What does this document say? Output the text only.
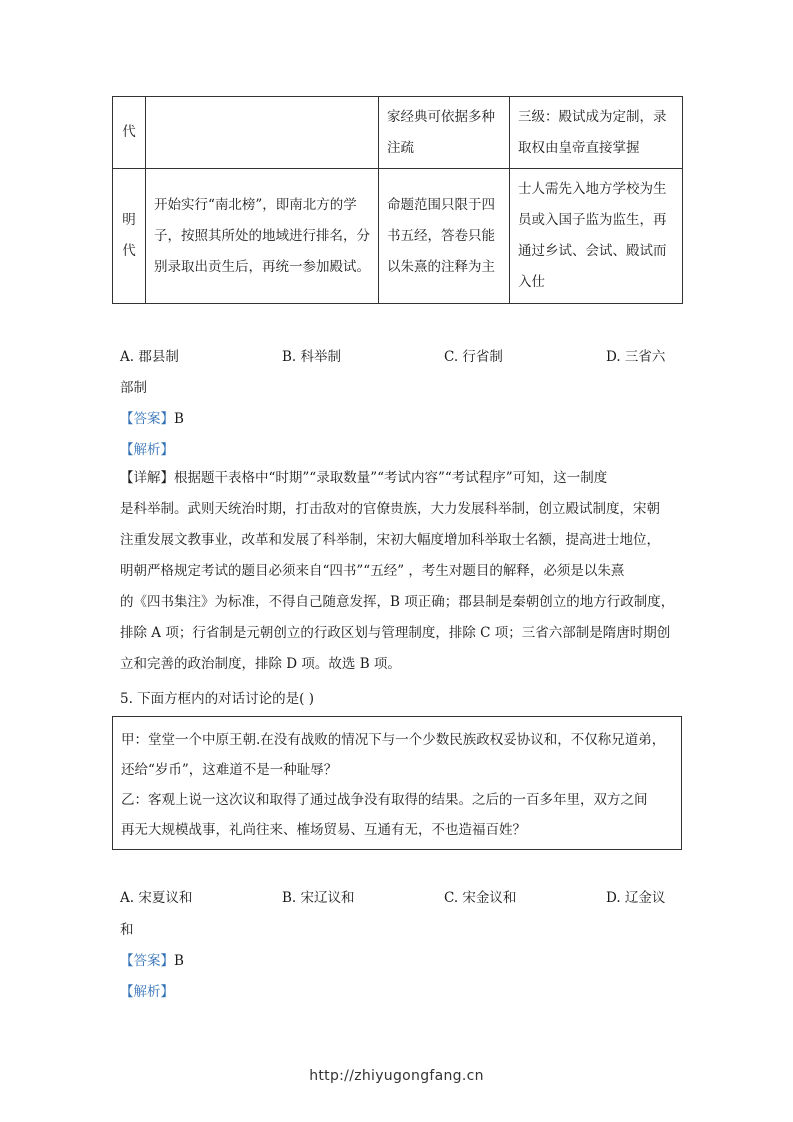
代		家经典可依据多种注疏	三级：殿试成为定制，录取权由皇帝直接掌握
明代	开始实行“南北榜”，即南北方的学子，按照其所处的地域进行排名，分别录取出贡生后，再统一参加殿试。	命题范围只限于四书五经，答卷只能以朱熹的注释为主	士人需先入地方学校为生员或入国子监为监生，再通过乡试、会试、殿试而入仕
A. 郡县制	B. 科举制	C. 行省制	D. 三省六
部制
【答案】B
【解析】
【详解】根据题干表格中“时期”“录取数量”“考试内容”“考试程序”可知，这一制度
是科举制。武则天统治时期，打击敌对的官僚贵族，大力发展科举制，创立殿试制度，宋朝
注重发展文教事业，改革和发展了科举制，宋初大幅度增加科举取士名额，提高进士地位，
明朝严格规定考试的题目必须来自“四书”“五经” ，考生对题目的解释，必须是以朱熹
的《四书集注》为标准，不得自己随意发挥，B 项正确；郡县制是秦朝创立的地方行政制度，
排除 A 项；行省制是元朝创立的行政区划与管理制度，排除 C 项；三省六部制是隋唐时期创
立和完善的政治制度，排除 D 项。故选 B 项。
5. 下面方框内的对话讨论的是( )
甲：堂堂一个中原王朝.在没有战败的情况下与一个少数民族政权妥协议和，不仅称兄道弟，
还给“岁币”，这难道不是一种耻辱？
乙：客观上说一这次议和取得了通过战争没有取得的结果。之后的一百多年里，双方之间
再无大规模战事，礼尚往来、榷场贸易、互通有无，不也造福百姓？
A. 宋夏议和	B. 宋辽议和	C. 宋金议和	D. 辽金议
和
【答案】B
【解析】
http://zhiyugongfang.cn
